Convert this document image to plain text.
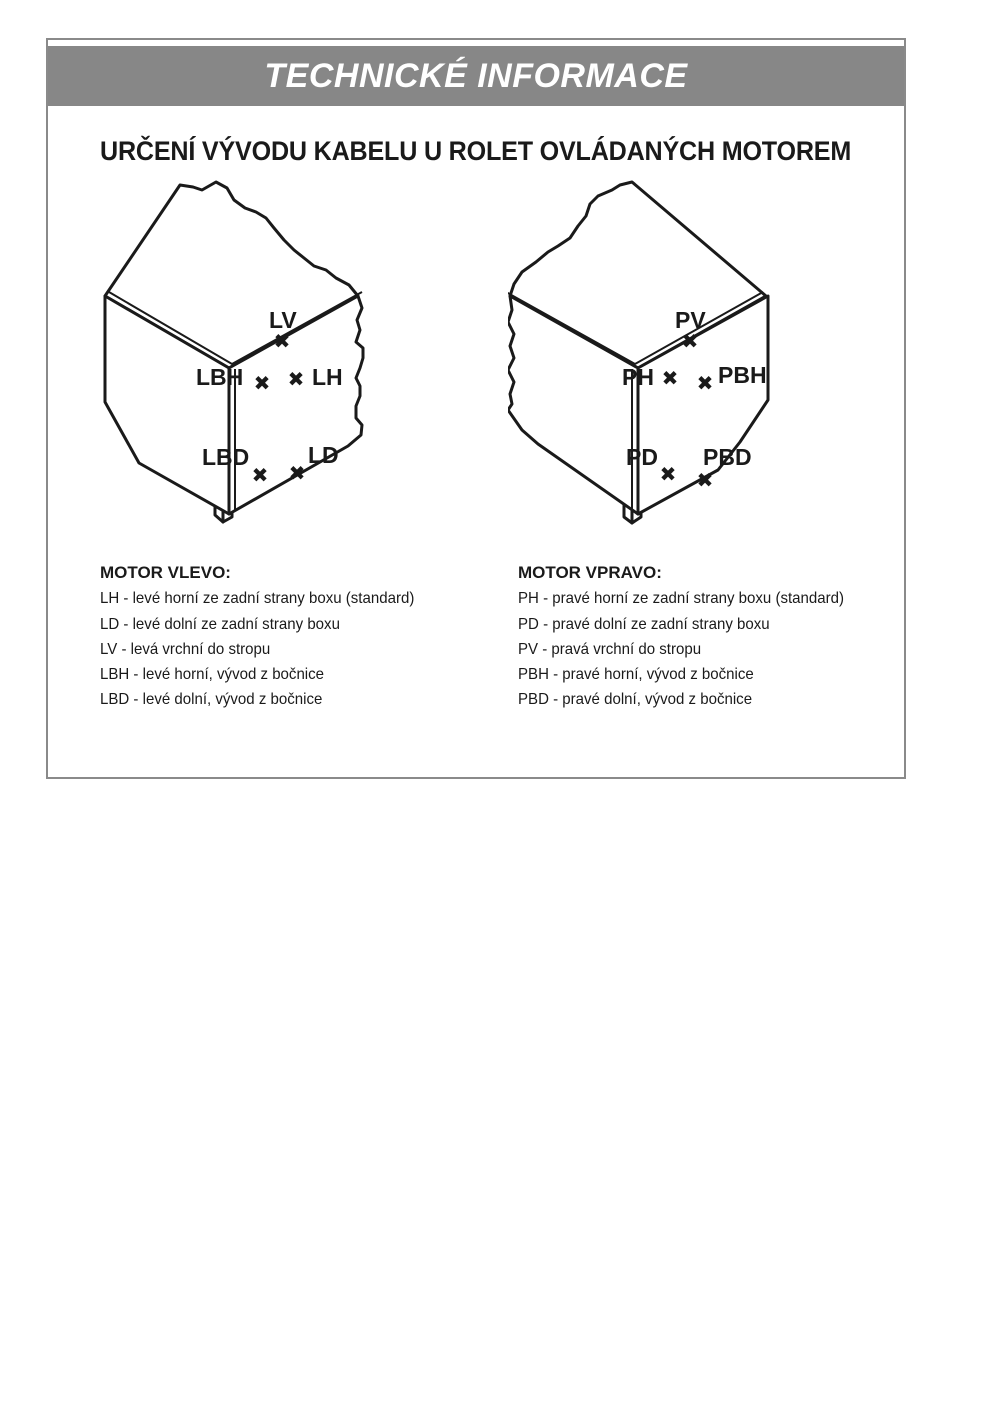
TECHNICKÉ INFORMACE
URČENÍ VÝVODU KABELU U ROLET OVLÁDANÝCH MOTOREM
✖
✖ ✖
✖ ✖
LV
LBH	LH
LBD	LD
✖
✖ ✖
✖ ✖
PV
PH	PBH
PD PBD
MOTOR VLEVO:
LH - levé horní ze zadní strany boxu (standard)
LD - levé dolní ze zadní strany boxu
LV - levá vrchní do stropu
LBH - levé horní, vývod z bočnice
LBD - levé dolní, vývod z bočnice
MOTOR VPRAVO:
PH - pravé horní ze zadní strany boxu (standard)
PD - pravé dolní ze zadní strany boxu
PV - pravá vrchní do stropu
PBH - pravé horní, vývod z bočnice
PBD - pravé dolní, vývod z bočnice
